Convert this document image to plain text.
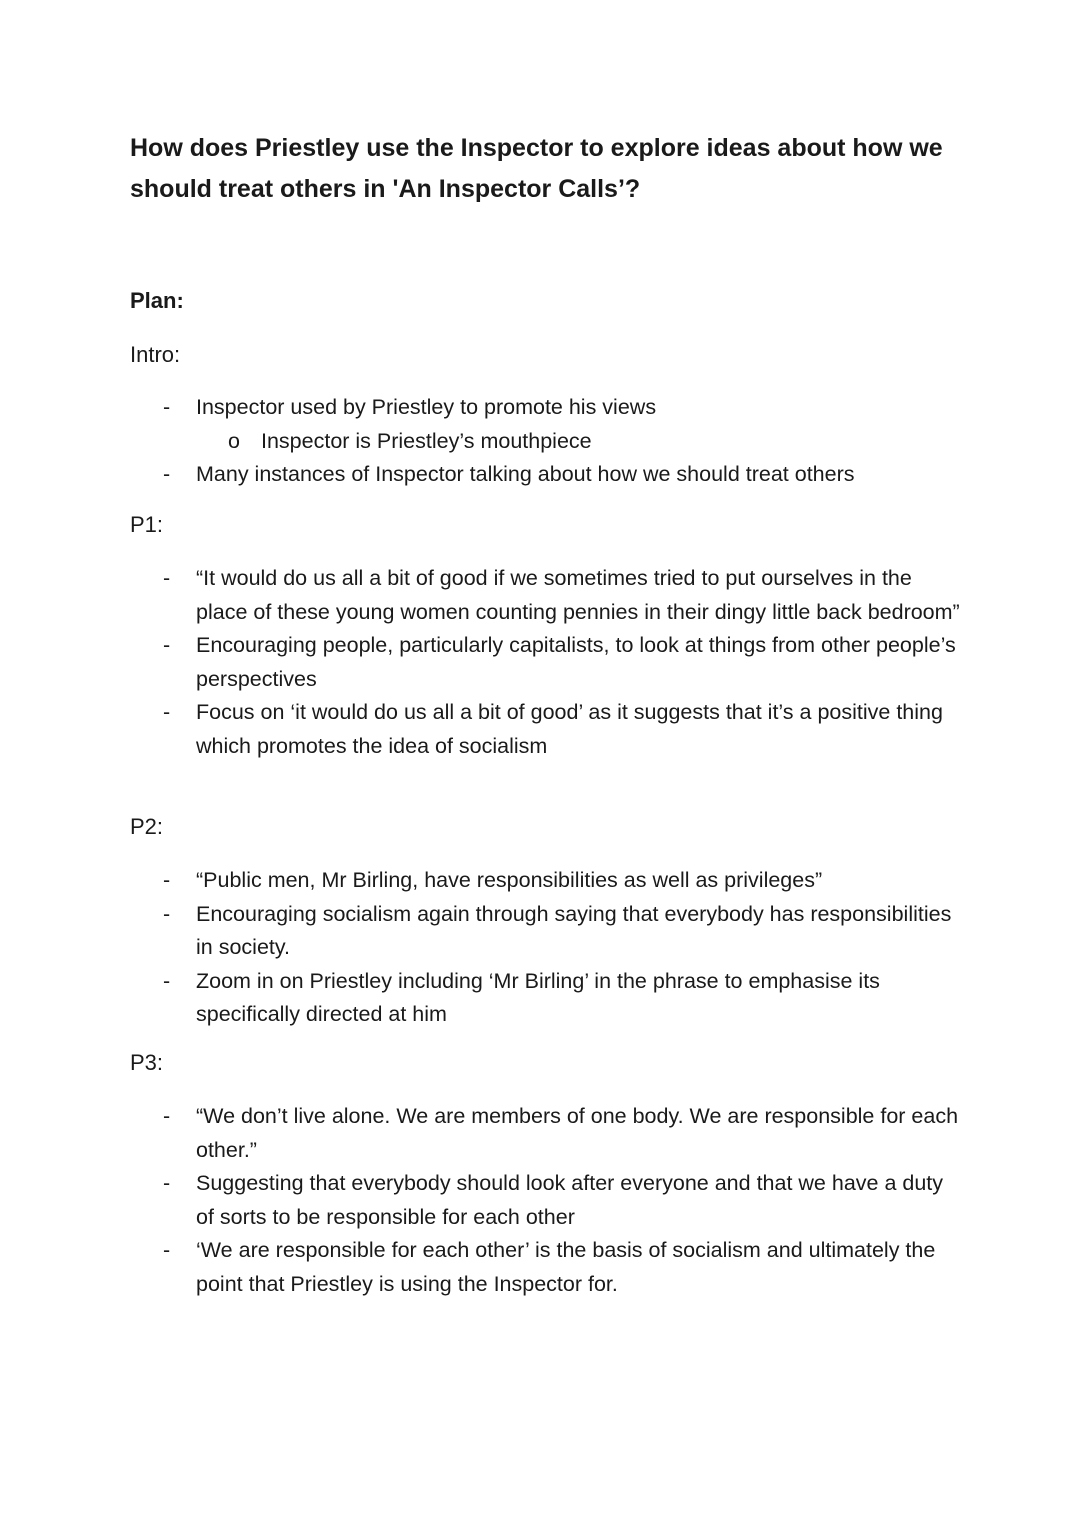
How does Priestley use the Inspector to explore ideas about how we should treat others in 'An Inspector Calls’?

Plan:

Intro:

- Inspector used by Priestley to promote his views
o Inspector is Priestley’s mouthpiece
- Many instances of Inspector talking about how we should treat others

P1:

- “It would do us all a bit of good if we sometimes tried to put ourselves in the place of these young women counting pennies in their dingy little back bedroom”
- Encouraging people, particularly capitalists, to look at things from other people’s perspectives
- Focus on ‘it would do us all a bit of good’ as it suggests that it’s a positive thing which promotes the idea of socialism

P2:

- “Public men, Mr Birling, have responsibilities as well as privileges”
- Encouraging socialism again through saying that everybody has responsibilities in society.
- Zoom in on Priestley including ‘Mr Birling’ in the phrase to emphasise its specifically directed at him

P3:

- “We don’t live alone. We are members of one body. We are responsible for each other.”
- Suggesting that everybody should look after everyone and that we have a duty of sorts to be responsible for each other
- ‘We are responsible for each other’ is the basis of socialism and ultimately the point that Priestley is using the Inspector for.
